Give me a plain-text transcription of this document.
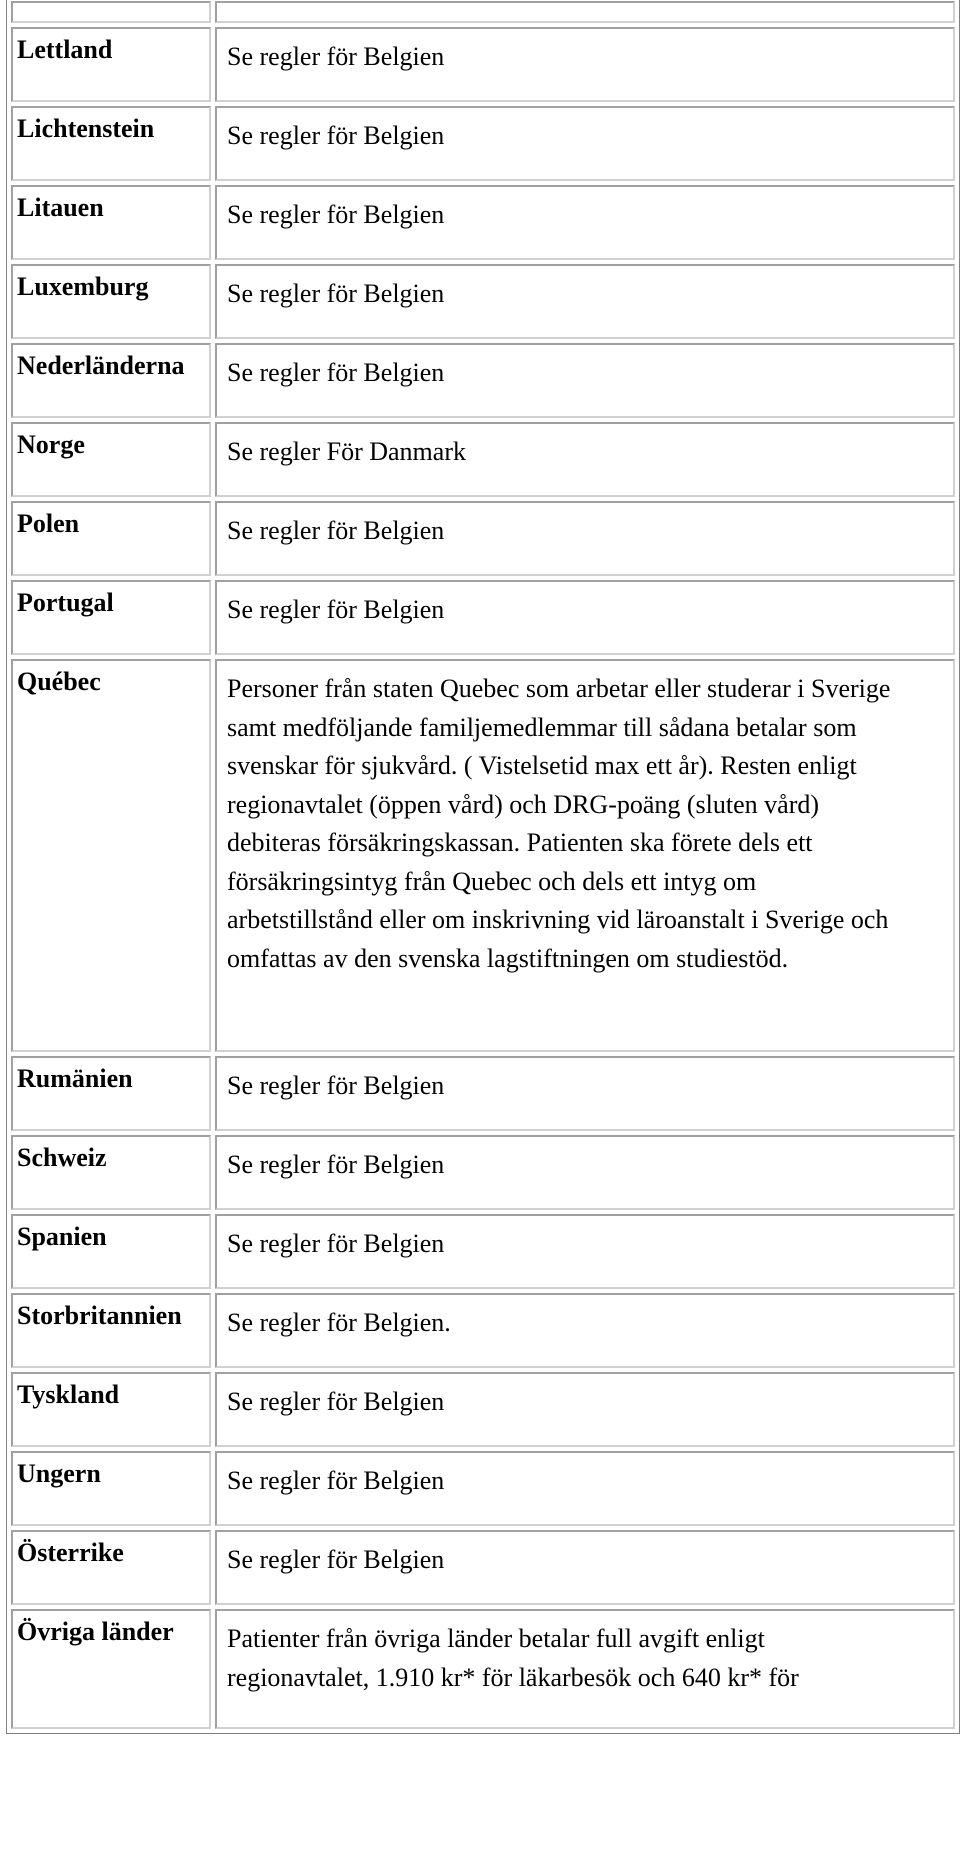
Lettland	Se regler för Belgien
Lichtenstein	Se regler för Belgien
Litauen	Se regler för Belgien
Luxemburg	Se regler för Belgien
Nederländerna	Se regler för Belgien
Norge	Se regler För Danmark
Polen	Se regler för Belgien
Portugal	Se regler för Belgien
Québec	Personer från staten Quebec som arbetar eller studerar i Sverige samt medföljande familjemedlemmar till sådana betalar som svenskar för sjukvård. ( Vistelsetid max ett år). Resten enligt regionavtalet (öppen vård) och DRG-poäng (sluten vård) debiteras försäkringskassan. Patienten ska förete dels ett försäkringsintyg från Quebec och dels ett intyg om arbetstillstånd eller om inskrivning vid läroanstalt i Sverige och omfattas av den svenska lagstiftningen om studiestöd.
Rumänien	Se regler för Belgien
Schweiz	Se regler för Belgien
Spanien	Se regler för Belgien
Storbritannien	Se regler för Belgien.
Tyskland	Se regler för Belgien
Ungern	Se regler för Belgien
Österrike	Se regler för Belgien
Övriga länder	Patienter från övriga länder betalar full avgift enligt regionavtalet, 1.910 kr* för läkarbesök och 640 kr* för
